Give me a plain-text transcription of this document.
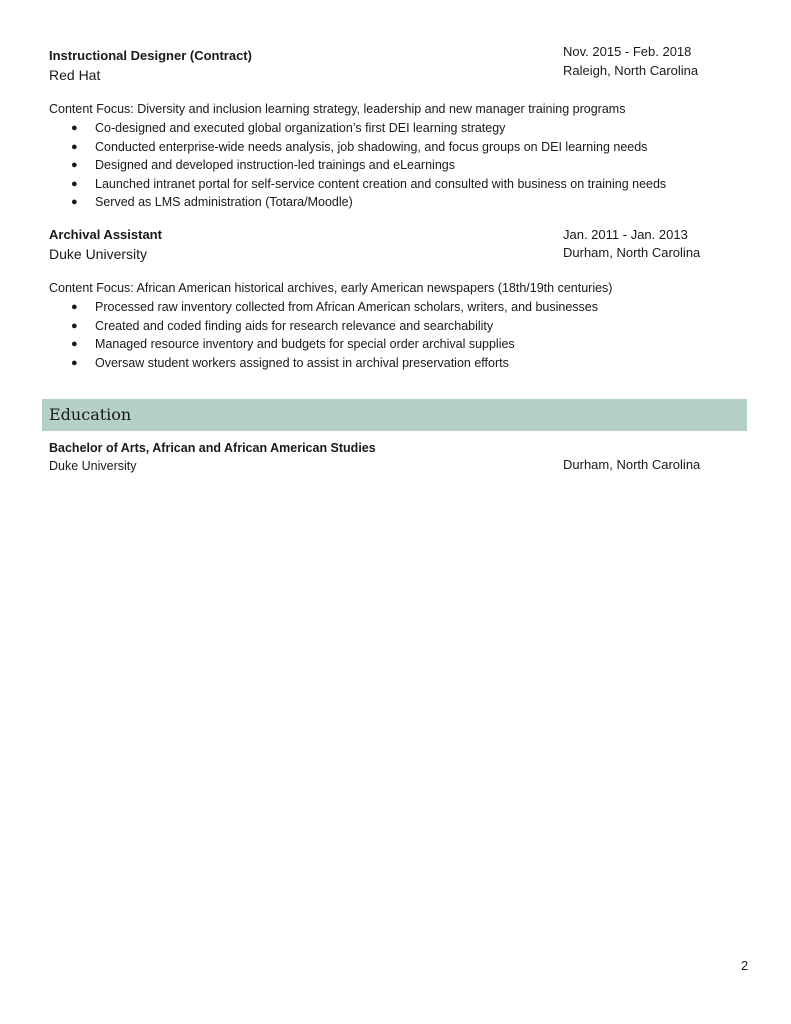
Instructional Designer (Contract)
Red Hat
Nov. 2015 - Feb. 2018
Raleigh, North Carolina
Content Focus: Diversity and inclusion learning strategy, leadership and new manager training programs
● Co-designed and executed global organization’s first DEI learning strategy
● Conducted enterprise-wide needs analysis, job shadowing, and focus groups on DEI learning needs
● Designed and developed instruction-led trainings and eLearnings
● Launched intranet portal for self-service content creation and consulted with business on training needs
● Served as LMS administration (Totara/Moodle)
Archival Assistant
Duke University
Jan. 2011 - Jan. 2013
Durham, North Carolina
Content Focus: African American historical archives, early American newspapers (18th/19th centuries)
● Processed raw inventory collected from African American scholars, writers, and businesses
● Created and coded finding aids for research relevance and searchability
● Managed resource inventory and budgets for special order archival supplies
● Oversaw student workers assigned to assist in archival preservation efforts
Education
Bachelor of Arts, African and African American Studies
Duke University	Durham, North Carolina
2
